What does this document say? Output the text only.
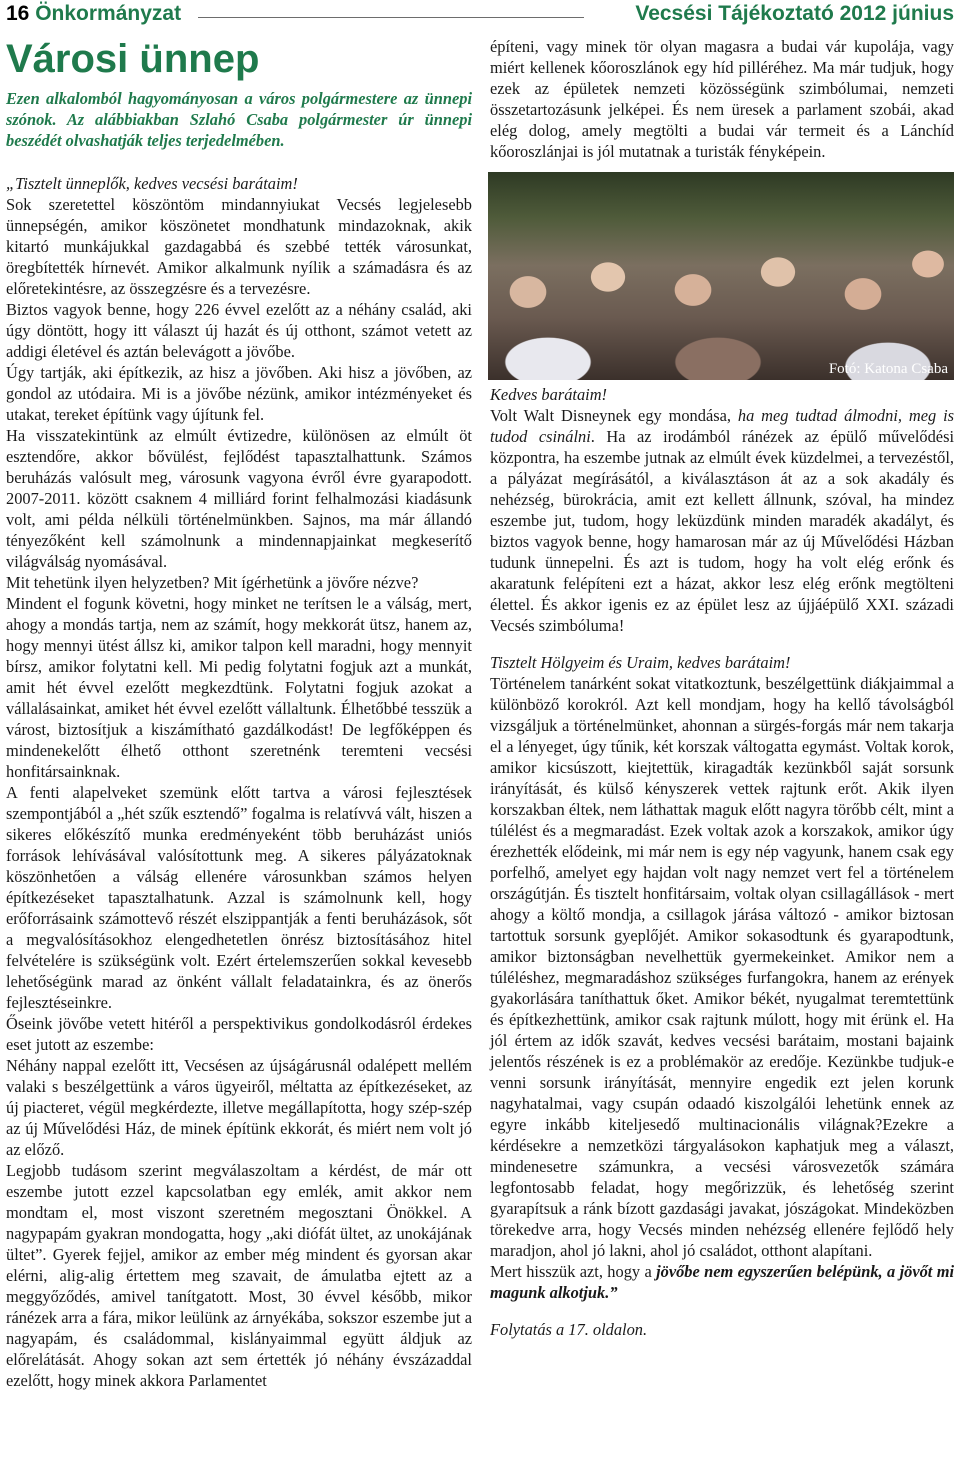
16 Önkormányzat	Vecsési Tájékoztató 2012 június
Városi ünnep

Ezen alkalomból hagyományosan a város polgármestere az ünnepi szónok. Az alábbiakban Szlahó Csaba polgármester úr ünnepi beszédét olvashatják teljes terjedelmében.

„Tisztelt ünneplők, kedves vecsési barátaim!

Sok szeretettel köszöntöm mindannyiukat Vecsés legjelesebb ünnepségén, amikor köszönetet mondhatunk mindazoknak, akik kitartó munkájukkal gazdagabbá és szebbé tették városunkat, öregbítették hírnevét. Amikor alkalmunk nyílik a számadásra és az előretekintésre, az összegzésre és a tervezésre.

Biztos vagyok benne, hogy 226 évvel ezelőtt az a néhány család, aki úgy döntött, hogy itt választ új hazát és új otthont, számot vetett az addigi életével és aztán belevágott a jövőbe.

Úgy tartják, aki építkezik, az hisz a jövőben. Aki hisz a jövőben, az gondol az utódaira. Mi is a jövőbe nézünk, amikor intézményeket és utakat, tereket építünk vagy újítunk fel.

Ha visszatekintünk az elmúlt évtizedre, különösen az elmúlt öt esztendőre, akkor bővülést, fejlődést tapasztalhattunk. Számos beruházás valósult meg, városunk vagyona évről évre gyarapodott. 2007-2011. között csaknem 4 milliárd forint felhalmozási kiadásunk volt, ami példa nélküli történelmünkben. Sajnos, ma már állandó tényezőként kell számolnunk a mindennapjainkat megkeserítő világválság nyomásával.

Mit tehetünk ilyen helyzetben? Mit ígérhetünk a jövőre nézve?

Mindent el fogunk követni, hogy minket ne terítsen le a válság, mert, ahogy a mondás tartja, nem az számít, hogy mekkorát ütsz, hanem az, hogy mennyi ütést állsz ki, amikor talpon kell maradni, hogy mennyit bírsz, amikor folytatni kell. Mi pedig folytatni fogjuk azt a munkát, amit hét évvel ezelőtt megkezdtünk. Folytatni fogjuk azokat a vállalásainkat, amiket hét évvel ezelőtt vállaltunk. Élhetőbbé tesszük a várost, biztosítjuk a kiszámítható gazdálkodást! De legfőképpen és mindenekelőtt élhető otthont szeretnénk teremteni vecsési honfitársainknak.

A fenti alapelveket szemünk előtt tartva a városi fejlesztések szempontjából a „hét szűk esztendő” fogalma is relatívvá vált, hiszen a sikeres előkészítő munka eredményeként több beruházást uniós források lehívásával valósítottunk meg. A sikeres pályázatoknak köszönhetően a válság ellenére városunkban számos helyen építkezéseket tapasztalhatunk. Azzal is számolnunk kell, hogy erőforrásaink számottevő részét elszippantják a fenti beruházások, sőt a megvalósításokhoz elengedhetetlen önrész biztosításához hitel felvételére is szükségünk volt. Ezért értelemszerűen sokkal kevesebb lehetőségünk marad az önként vállalt feladatainkra, és az önerős fejlesztéseinkre.

Őseink jövőbe vetett hitéről a perspektivikus gondolkodásról érdekes eset jutott az eszembe:

Néhány nappal ezelőtt itt, Vecsésen az újságárusnál odalépett mellém valaki s beszélgettünk a város ügyeiről, méltatta az építkezéseket, az új piacteret, végül megkérdezte, illetve megállapította, hogy szép-szép az új Művelődési Ház, de minek építünk ekkorát, és miért nem volt jó az előző.

Legjobb tudásom szerint megválaszoltam a kérdést, de már ott eszembe jutott ezzel kapcsolatban egy emlék, amit akkor nem mondtam el, most viszont szeretném megosztani Önökkel. A nagypapám gyakran mondogatta, hogy „aki diófát ültet, az unokájának ültet”. Gyerek fejjel, amikor az ember még mindent és gyorsan akar elérni, alig-alig értettem meg szavait, de ámulatba ejtett az a meggyőződés, amivel tanítgatott. Most, 30 évvel később, mikor ránézek arra a fára, mikor leülünk az árnyékába, sokszor eszembe jut a nagyapám, és családommal, kislányaimmal együtt áldjuk az előrelátását. Ahogy sokan azt sem értették jó néhány évszázaddal ezelőtt, hogy minek akkora Parlamentet

építeni, vagy minek tör olyan magasra a budai vár kupolája, vagy miért kellenek kőoroszlánok egy híd pilléréhez. Ma már tudjuk, hogy ezek az épületek nemzeti közösségünk szimbólumai, nemzeti összetartozásunk jelképei. És nem üresek a parlament szobái, akad elég dolog, amely megtölti a budai vár termeit és a Lánchíd kőoroszlánjai is jól mutatnak a turisták fényképein.

Fotó: Katona Csaba

Kedves barátaim!

Volt Walt Disneynek egy mondása, ha meg tudtad álmodni, meg is tudod csinálni. Ha az irodámból ránézek az épülő művelődési központra, ha eszembe jutnak az elmúlt évek küzdelmei, a tervezéstől, a pályázat megírásától, a kiválasztáson át az a sok akadály és nehézség, bürokrácia, amit ezt kellett állnunk, szóval, ha mindez eszembe jut, tudom, hogy leküzdünk minden maradék akadályt, és biztos vagyok benne, hogy hamarosan már az új Művelődési Házban tudunk ünnepelni. És azt is tudom, hogy ha volt elég erőnk és akaratunk felépíteni ezt a házat, akkor lesz elég erőnk megtölteni élettel. És akkor igenis ez az épület lesz az újjáépülő XXI. századi Vecsés szimbóluma!

Tisztelt Hölgyeim és Uraim, kedves barátaim!

Történelem tanárként sokat vitatkoztunk, beszélgettünk diákjaimmal a különböző korokról. Azt kell mondjam, hogy ha kellő távolságból vizsgáljuk a történelmünket, ahonnan a sürgés-forgás már nem takarja el a lényeget, úgy tűnik, két korszak váltogatta egymást. Voltak korok, amikor kicsúszott, kiejtettük, kiragadták kezünkből saját sorsunk irányítását, és külső kényszerek vettek rajtunk erőt. Akik ilyen korszakban éltek, nem láthattak maguk előtt nagyra törőbb célt, mint a túlélést és a megmaradást. Ezek voltak azok a korszakok, amikor úgy érezhették elődeink, mi már nem is egy nép vagyunk, hanem csak egy porfelhő, amelyet egy hajdan volt nagy nemzet vert fel a történelem országútján. És tisztelt honfitársaim, voltak olyan csillagállások - mert ahogy a költő mondja, a csillagok járása változó - amikor biztosan tartottuk sorsunk gyeplőjét. Amikor sokasodtunk és gyarapodtunk, amikor biztonságban nevelhettük gyermekeinket. Amikor nem a túléléshez, megmaradáshoz szükséges furfangokra, hanem az erények gyakorlására taníthattuk őket. Amikor békét, nyugalmat teremtettünk és építkezhettünk, amikor csak rajtunk múlott, hogy mit érünk el. Ha jól értem az idők szavát, kedves vecsési barátaim, mostani bajaink jelentős részének is ez a problémakör az eredője. Kezünkbe tudjuk-e venni sorsunk irányítását, mennyire engedik ezt jelen korunk nagyhatalmai, vagy csupán odaadó kiszolgálói lehetünk ennek az egyre inkább kiteljesedő multinacionális világnak?Ezekre a kérdésekre a nemzetközi tárgyalásokon kaphatjuk meg a választ, mindenesetre számunkra, a vecsési városvezetők számára legfontosabb feladat, hogy megőrizzük, és lehetőség szerint gyarapítsuk a ránk bízott gazdasági javakat, jószágokat. Mindeközben törekedve arra, hogy Vecsés minden nehézség ellenére fejlődő hely maradjon, ahol jó lakni, ahol jó családot, otthont alapítani.

Mert hisszük azt, hogy a jövőbe nem egyszerűen belépünk, a jövőt mi magunk alkotjuk.”

Folytatás a 17. oldalon.
